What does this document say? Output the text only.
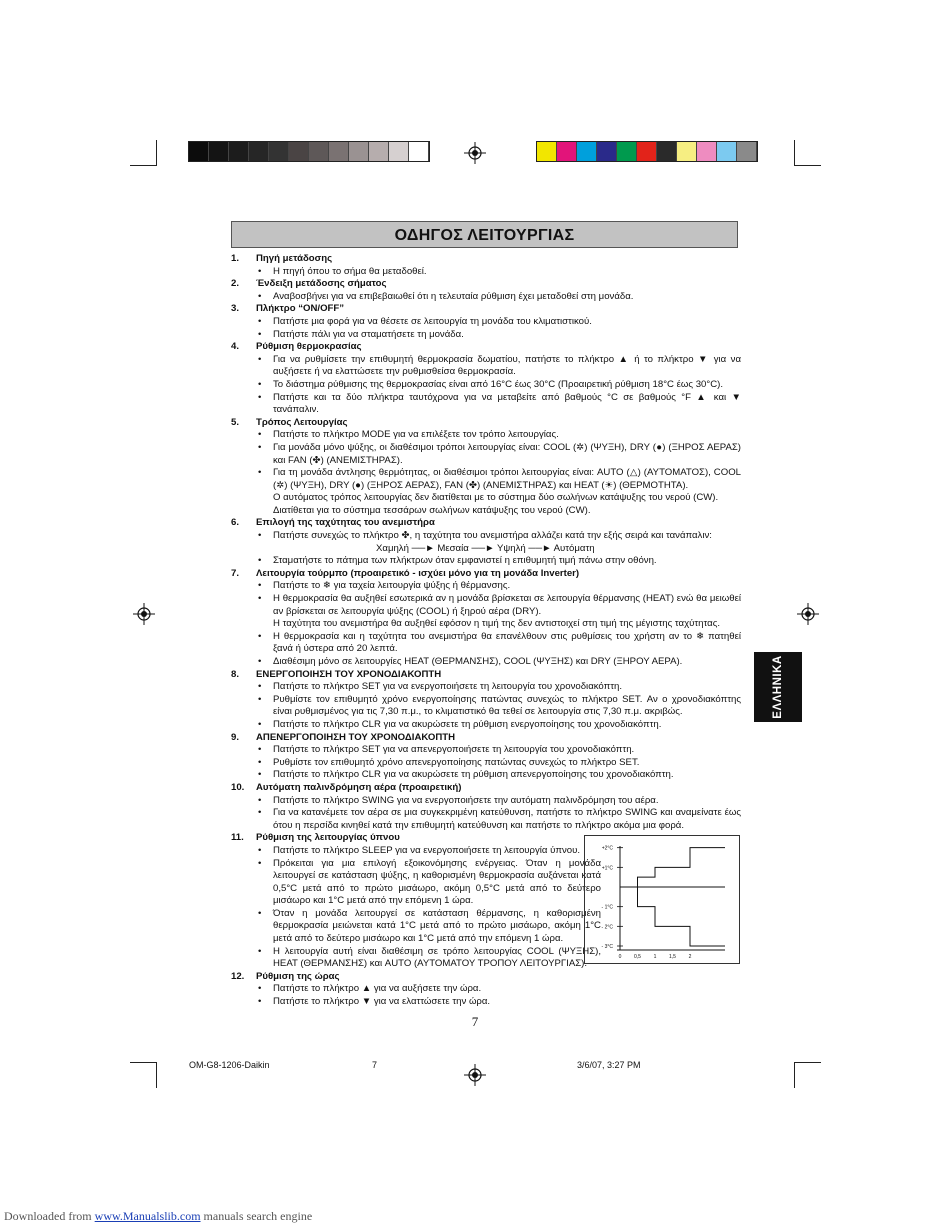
ΟΔΗΓΟΣ ΛΕΙΤΟΥΡΓΙΑΣ
1. Πηγή μετάδοσης
• Η πηγή όπου το σήμα θα μεταδοθεί.
2. Ένδειξη μετάδοσης σήματος
• Αναβοσβήνει για να επιβεβαιωθεί ότι η τελευταία ρύθμιση έχει μεταδοθεί στη μονάδα.
3. Πλήκτρο “ON/OFF”
• Πατήστε μια φορά για να θέσετε σε λειτουργία τη μονάδα του κλιματιστικού.
• Πατήστε πάλι για να σταματήσετε τη μονάδα.
4. Ρύθμιση θερμοκρασίας
• Για να ρυθμίσετε την επιθυμητή θερμοκρασία δωματίου, πατήστε το πλήκτρο ▲ ή το πλήκτρο ▼ για να αυξήσετε ή να ελαττώσετε την ρυθμισθείσα θερμοκρασία.
• Το διάστημα ρύθμισης της θερμοκρασίας είναι από 16°C έως 30°C (Προαιρετική ρύθμιση 18°C έως 30°C).
• Πατήστε και τα δύο πλήκτρα ταυτόχρονα για να μεταβείτε από βαθμούς °C σε βαθμούς °F ▲ και ▼ τανάπαλιν.
5. Τρόπος Λειτουργίας
• Πατήστε το πλήκτρο MODE για να επιλέξετε τον τρόπο λειτουργίας.
• Για μονάδα μόνο ψύξης, οι διαθέσιμοι τρόποι λειτουργίας είναι: COOL (✲) (ΨΥΞΗ), DRY (●) (ΞΗΡΟΣ ΑΕΡΑΣ) και FAN (✤) (ΑΝΕΜΙΣΤΗΡΑΣ).
• Για τη μονάδα άντλησης θερμότητας, οι διαθέσιμοι τρόποι λειτουργίας είναι: AUTO (△) (ΑΥΤΟΜΑΤΟΣ), COOL (✲) (ΨΥΞΗ), DRY (●) (ΞΗΡΟΣ ΑΕΡΑΣ), FAN (✤) (ΑΝΕΜΙΣΤΗΡΑΣ) και HEAT (☀) (ΘΕΡΜΟΤΗΤΑ).
Ο αυτόματος τρόπος λειτουργίας δεν διατίθεται με το σύστημα δύο σωλήνων κατάψυξης του νερού (CW).
Διατίθεται για το σύστημα τεσσάρων σωλήνων κατάψυξης του νερού (CW).
6. Επιλογή της ταχύτητας του ανεμιστήρα
• Πατήστε συνεχώς το πλήκτρο ✤, η ταχύτητα του ανεμιστήρα αλλάζει κατά την εξής σειρά και τανάπαλιν:
Χαμηλή ──► Μεσαία ──► Υψηλή ──► Αυτόματη
• Σταματήστε το πάτημα των πλήκτρων όταν εμφανιστεί η επιθυμητή τιμή πάνω στην οθόνη.
7. Λειτουργία τούρμπο (προαιρετικό - ισχύει μόνο για τη μονάδα Inverter)
• Πατήστε το ❄ για ταχεία λειτουργία ψύξης ή θέρμανσης.
• Η θερμοκρασία θα αυξηθεί εσωτερικά αν η μονάδα βρίσκεται σε λειτουργία θέρμανσης (HEAT) ενώ θα μειωθεί αν βρίσκεται σε λειτουργία ψύξης (COOL) ή ξηρού αέρα (DRY).
Η ταχύτητα του ανεμιστήρα θα αυξηθεί εφόσον η τιμή της δεν αντιστοιχεί στη τιμή της μέγιστης ταχύτητας.
• Η θερμοκρασία και η ταχύτητα του ανεμιστήρα θα επανέλθουν στις ρυθμίσεις του χρήστη αν το ❄ πατηθεί ξανά ή ύστερα από 20 λεπτά.
• Διαθέσιμη μόνο σε λειτουργίες HEAT (ΘΕΡΜΑΝΣΗΣ), COOL (ΨΥΞΗΣ) και DRY (ΞΗΡΟΥ ΑΕΡΑ).
8. ΕΝΕΡΓΟΠΟΙΗΣΗ ΤΟΥ ΧΡΟΝΟΔΙΑΚΟΠΤΗ
• Πατήστε το πλήκτρο SET για να ενεργοποιήσετε τη λειτουργία του χρονοδιακόπτη.
• Ρυθμίστε τον επιθυμητό χρόνο ενεργοποίησης πατώντας συνεχώς το πλήκτρο SET. Αν ο χρονοδιακόπτης είναι ρυθμισμένος για τις 7,30 π.μ., το κλιματιστικό θα τεθεί σε λειτουργία στις 7,30 π.μ. ακριβώς.
• Πατήστε το πλήκτρο CLR για να ακυρώσετε τη ρύθμιση ενεργοποίησης του χρονοδιακόπτη.
9. ΑΠΕΝΕΡΓΟΠΟΙΗΣΗ ΤΟΥ ΧΡΟΝΟΔΙΑΚΟΠΤΗ
• Πατήστε το πλήκτρο SET για να απενεργοποιήσετε τη λειτουργία του χρονοδιακόπτη.
• Ρυθμίστε τον επιθυμητό χρόνο απενεργοποίησης πατώντας συνεχώς το πλήκτρο SET.
• Πατήστε το πλήκτρο CLR για να ακυρώσετε τη ρύθμιση απενεργοποίησης του χρονοδιακόπτη.
10. Αυτόματη παλινδρόμηση αέρα (προαιρετική)
• Πατήστε το πλήκτρο SWING για να ενεργοποιήσετε την αυτόματη παλινδρόμηση του αέρα.
• Για να κατανέμετε τον αέρα σε μια συγκεκριμένη κατεύθυνση, πατήστε το πλήκτρο SWING και αναμείνατε έως ότου η περσίδα κινηθεί κατά την επιθυμητή κατεύθυνση και πατήστε το πλήκτρο ακόμα μια φορά.
11. Ρύθμιση της λειτουργίας ύπνου
• Πατήστε το πλήκτρο SLEEP για να ενεργοποιήσετε τη λειτουργία ύπνου.
• Πρόκειται για μια επιλογή εξοικονόμησης ενέργειας. Όταν η μονάδα λειτουργεί σε κατάσταση ψύξης, η καθορισμένη θερμοκρασία αυξάνεται κατά 0,5°C μετά από το πρώτο μισάωρο, ακόμη 0,5°C μετά από το δεύτερο μισάωρο και 1°C μετά από την επόμενη 1 ώρα.
• Όταν η μονάδα λειτουργεί σε κατάσταση θέρμανσης, η καθορισμένη θερμοκρασία μειώνεται κατά 1°C μετά από το πρώτο μισάωρο, ακόμη 1°C μετά από το δεύτερο μισάωρο και 1°C μετά από την επόμενη 1 ώρα.
• Η λειτουργία αυτή είναι διαθέσιμη σε τρόπο λειτουργίας COOL (ΨΥΞΗΣ), HEAT (ΘΕΡΜΑΝΣΗΣ) και AUTO (ΑΥΤΟΜΑΤΟΥ ΤΡΟΠΟΥ ΛΕΙΤΟΥΡΓΙΑΣ).
12. Ρύθμιση της ώρας
• Πατήστε το πλήκτρο ▲ για να αυξήσετε την ώρα.
• Πατήστε το πλήκτρο ▼ για να ελαττώσετε την ώρα.
ΕΛΛΗΝΙΚΑ
+2°C
+1°C
- 1°C
- 2°C
- 3°C
0	0,5	1	1,5	2
7
OM-G8-1206-Daikin	7	3/6/07, 3:27 PM
Downloaded from www.Manualslib.com manuals search engine
